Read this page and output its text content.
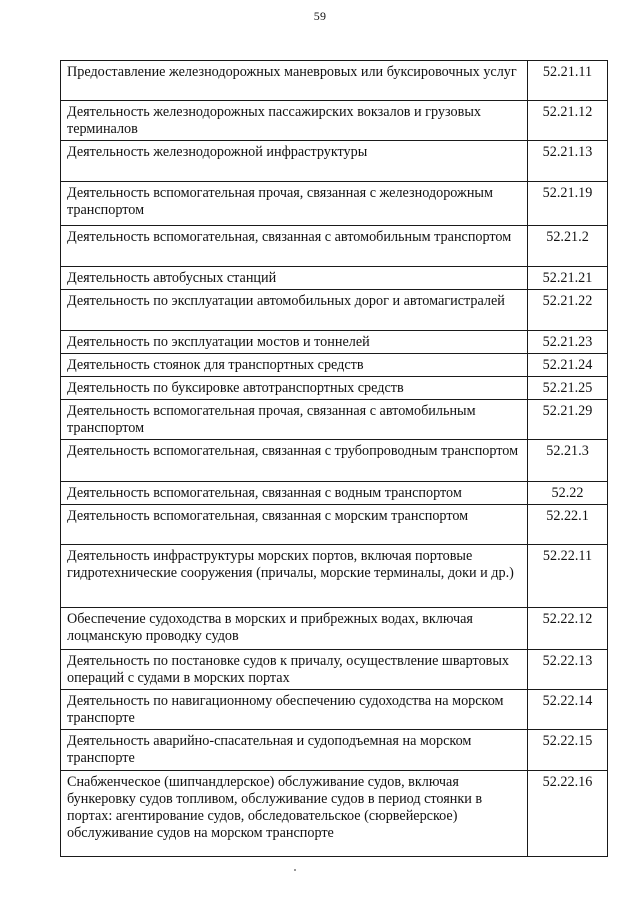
59
Предоставление железнодорожных маневровых или буксировочных услуг	52.21.11
Деятельность железнодорожных пассажирских вокзалов и грузовых терминалов	52.21.12
Деятельность железнодорожной инфраструктуры	52.21.13
Деятельность вспомогательная прочая, связанная с железнодорожным транспортом	52.21.19
Деятельность вспомогательная, связанная с автомобильным транспортом	52.21.2
Деятельность автобусных станций	52.21.21
Деятельность по эксплуатации автомобильных дорог и автомагистралей	52.21.22
Деятельность по эксплуатации мостов и тоннелей	52.21.23
Деятельность стоянок для транспортных средств	52.21.24
Деятельность по буксировке автотранспортных средств	52.21.25
Деятельность вспомогательная прочая, связанная с автомобильным транспортом	52.21.29
Деятельность вспомогательная, связанная с трубопроводным транспортом	52.21.3
Деятельность вспомогательная, связанная с водным транспортом	52.22
Деятельность вспомогательная, связанная с морским транспортом	52.22.1
Деятельность инфраструктуры морских портов, включая портовые гидротехнические сооружения (причалы, морские терминалы, доки и др.)	52.22.11
Обеспечение судоходства в морских и прибрежных водах, включая лоцманскую проводку судов	52.22.12
Деятельность по постановке судов к причалу, осуществление швартовых операций с судами в морских портах	52.22.13
Деятельность по навигационному обеспечению судоходства на морском транспорте	52.22.14
Деятельность аварийно-спасательная и судоподъемная на морском транспорте	52.22.15
Снабженческое (шипчандлерское) обслуживание судов, включая бункеровку судов топливом, обслуживание судов в период стоянки в портах: агентирование судов, обследовательское (сюрвейерское) обслуживание судов на морском транспорте	52.22.16
